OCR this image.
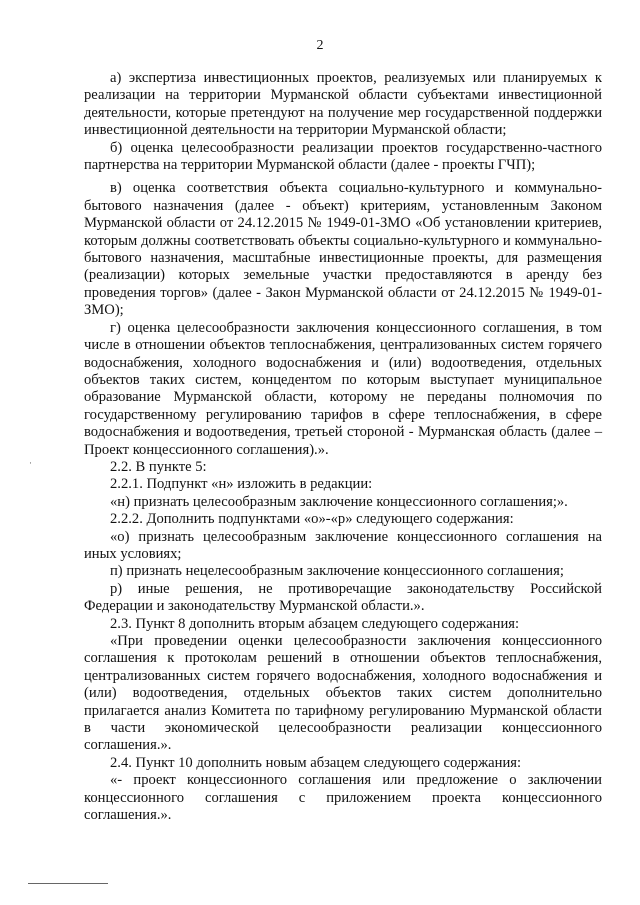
2
·

а) экспертиза инвестиционных проектов, реализуемых или планируемых к реализации на территории Мурманской области субъектами инвестиционной деятельности, которые претендуют на получение мер государственной поддержки инвестиционной деятельности на территории Мурманской области;

б) оценка целесообразности реализации проектов государственно-частного партнерства на территории Мурманской области (далее - проекты ГЧП);

в) оценка соответствия объекта социально-культурного и коммунально-бытового назначения (далее - объект) критериям, установленным Законом Мурманской области от 24.12.2015 № 1949-01-ЗМО «Об установлении критериев, которым должны соответствовать объекты социально-культурного и коммунально-бытового назначения, масштабные инвестиционные проекты, для размещения (реализации) которых земельные участки предоставляются в аренду без проведения торгов» (далее - Закон Мурманской области от 24.12.2015 № 1949-01-ЗМО);

г) оценка целесообразности заключения концессионного соглашения, в том числе в отношении объектов теплоснабжения, централизованных систем горячего водоснабжения, холодного водоснабжения и (или) водоотведения, отдельных объектов таких систем, концедентом по которым выступает муниципальное образование Мурманской области, которому не переданы полномочия по государственному регулированию тарифов в сфере теплоснабжения, в сфере водоснабжения и водоотведения, третьей стороной - Мурманская область (далее – Проект концессионного соглашения).».

2.2. В пункте 5:

2.2.1. Подпункт «н» изложить в редакции:

«н) признать целесообразным заключение концессионного соглашения;».

2.2.2. Дополнить подпунктами «о»-«р» следующего содержания:

«о) признать целесообразным заключение концессионного соглашения на иных условиях;

п) признать нецелесообразным заключение концессионного соглашения;

р) иные решения, не противоречащие законодательству Российской Федерации и законодательству Мурманской области.».

2.3. Пункт 8 дополнить вторым абзацем следующего содержания:

«При проведении оценки целесообразности заключения концессионного соглашения к протоколам решений в отношении объектов теплоснабжения, централизованных систем горячего водоснабжения, холодного водоснабжения и (или) водоотведения, отдельных объектов таких систем дополнительно прилагается анализ Комитета по тарифному регулированию Мурманской области в части экономической целесообразности реализации концессионного соглашения.».

2.4. Пункт 10 дополнить новым абзацем следующего содержания:

«- проект концессионного соглашения или предложение о заключении концессионного соглашения с приложением проекта концессионного соглашения.».
